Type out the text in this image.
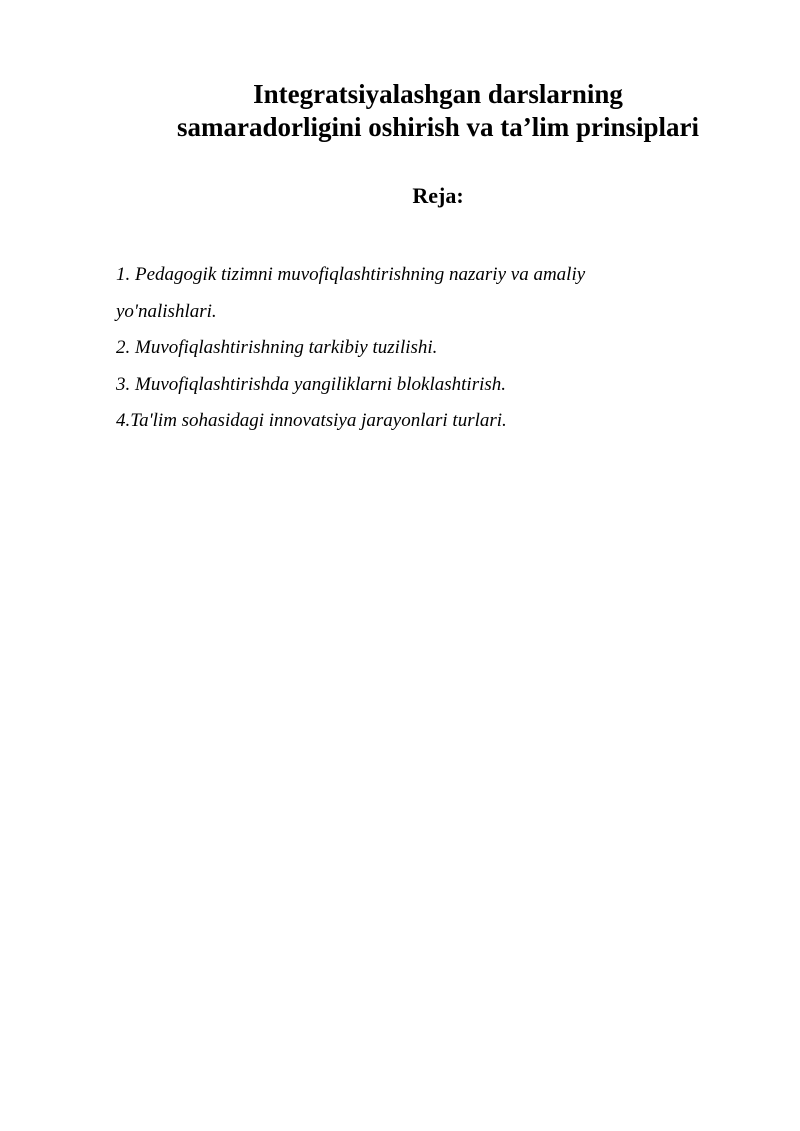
Integratsiyalashgan darslarning
samaradorligini oshirish va ta’lim prinsiplari
Reja:
1. Pedagogik tizimni muvofiqlashtirishning nazariy va amaliy
yo'nalishlari.
2. Muvofiqlashtirishning tarkibiy tuzilishi.
3. Muvofiqlashtirishda yangiliklarni bloklashtirish.
4.Ta'lim sohasidagi innovatsiya jarayonlari turlari.
